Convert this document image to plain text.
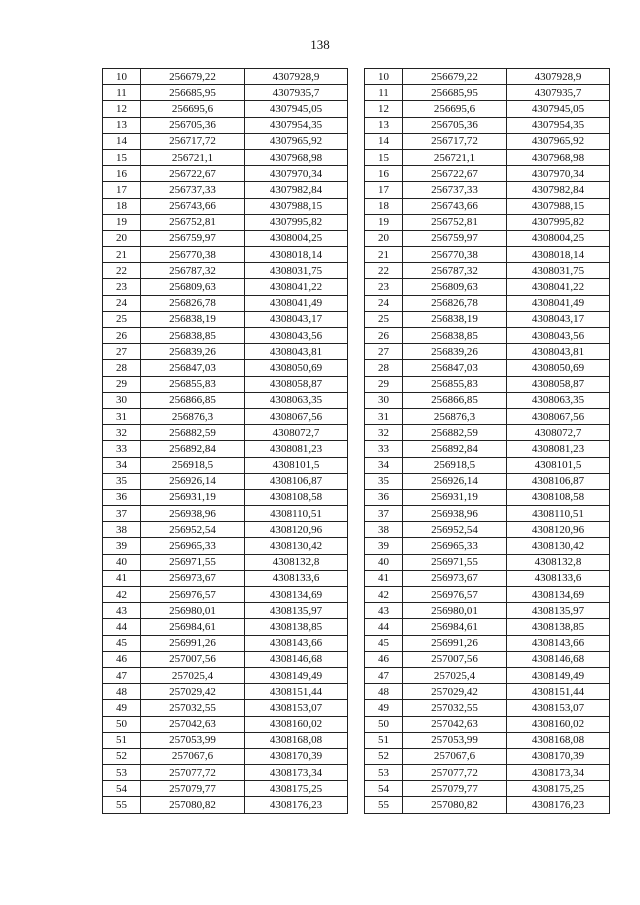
138
10	256679,22	4307928,9
11	256685,95	4307935,7
12	256695,6	4307945,05
13	256705,36	4307954,35
14	256717,72	4307965,92
15	256721,1	4307968,98
16	256722,67	4307970,34
17	256737,33	4307982,84
18	256743,66	4307988,15
19	256752,81	4307995,82
20	256759,97	4308004,25
21	256770,38	4308018,14
22	256787,32	4308031,75
23	256809,63	4308041,22
24	256826,78	4308041,49
25	256838,19	4308043,17
26	256838,85	4308043,56
27	256839,26	4308043,81
28	256847,03	4308050,69
29	256855,83	4308058,87
30	256866,85	4308063,35
31	256876,3	4308067,56
32	256882,59	4308072,7
33	256892,84	4308081,23
34	256918,5	4308101,5
35	256926,14	4308106,87
36	256931,19	4308108,58
37	256938,96	4308110,51
38	256952,54	4308120,96
39	256965,33	4308130,42
40	256971,55	4308132,8
41	256973,67	4308133,6
42	256976,57	4308134,69
43	256980,01	4308135,97
44	256984,61	4308138,85
45	256991,26	4308143,66
46	257007,56	4308146,68
47	257025,4	4308149,49
48	257029,42	4308151,44
49	257032,55	4308153,07
50	257042,63	4308160,02
51	257053,99	4308168,08
52	257067,6	4308170,39
53	257077,72	4308173,34
54	257079,77	4308175,25
55	257080,82	4308176,23
10	256679,22	4307928,9
11	256685,95	4307935,7
12	256695,6	4307945,05
13	256705,36	4307954,35
14	256717,72	4307965,92
15	256721,1	4307968,98
16	256722,67	4307970,34
17	256737,33	4307982,84
18	256743,66	4307988,15
19	256752,81	4307995,82
20	256759,97	4308004,25
21	256770,38	4308018,14
22	256787,32	4308031,75
23	256809,63	4308041,22
24	256826,78	4308041,49
25	256838,19	4308043,17
26	256838,85	4308043,56
27	256839,26	4308043,81
28	256847,03	4308050,69
29	256855,83	4308058,87
30	256866,85	4308063,35
31	256876,3	4308067,56
32	256882,59	4308072,7
33	256892,84	4308081,23
34	256918,5	4308101,5
35	256926,14	4308106,87
36	256931,19	4308108,58
37	256938,96	4308110,51
38	256952,54	4308120,96
39	256965,33	4308130,42
40	256971,55	4308132,8
41	256973,67	4308133,6
42	256976,57	4308134,69
43	256980,01	4308135,97
44	256984,61	4308138,85
45	256991,26	4308143,66
46	257007,56	4308146,68
47	257025,4	4308149,49
48	257029,42	4308151,44
49	257032,55	4308153,07
50	257042,63	4308160,02
51	257053,99	4308168,08
52	257067,6	4308170,39
53	257077,72	4308173,34
54	257079,77	4308175,25
55	257080,82	4308176,23
